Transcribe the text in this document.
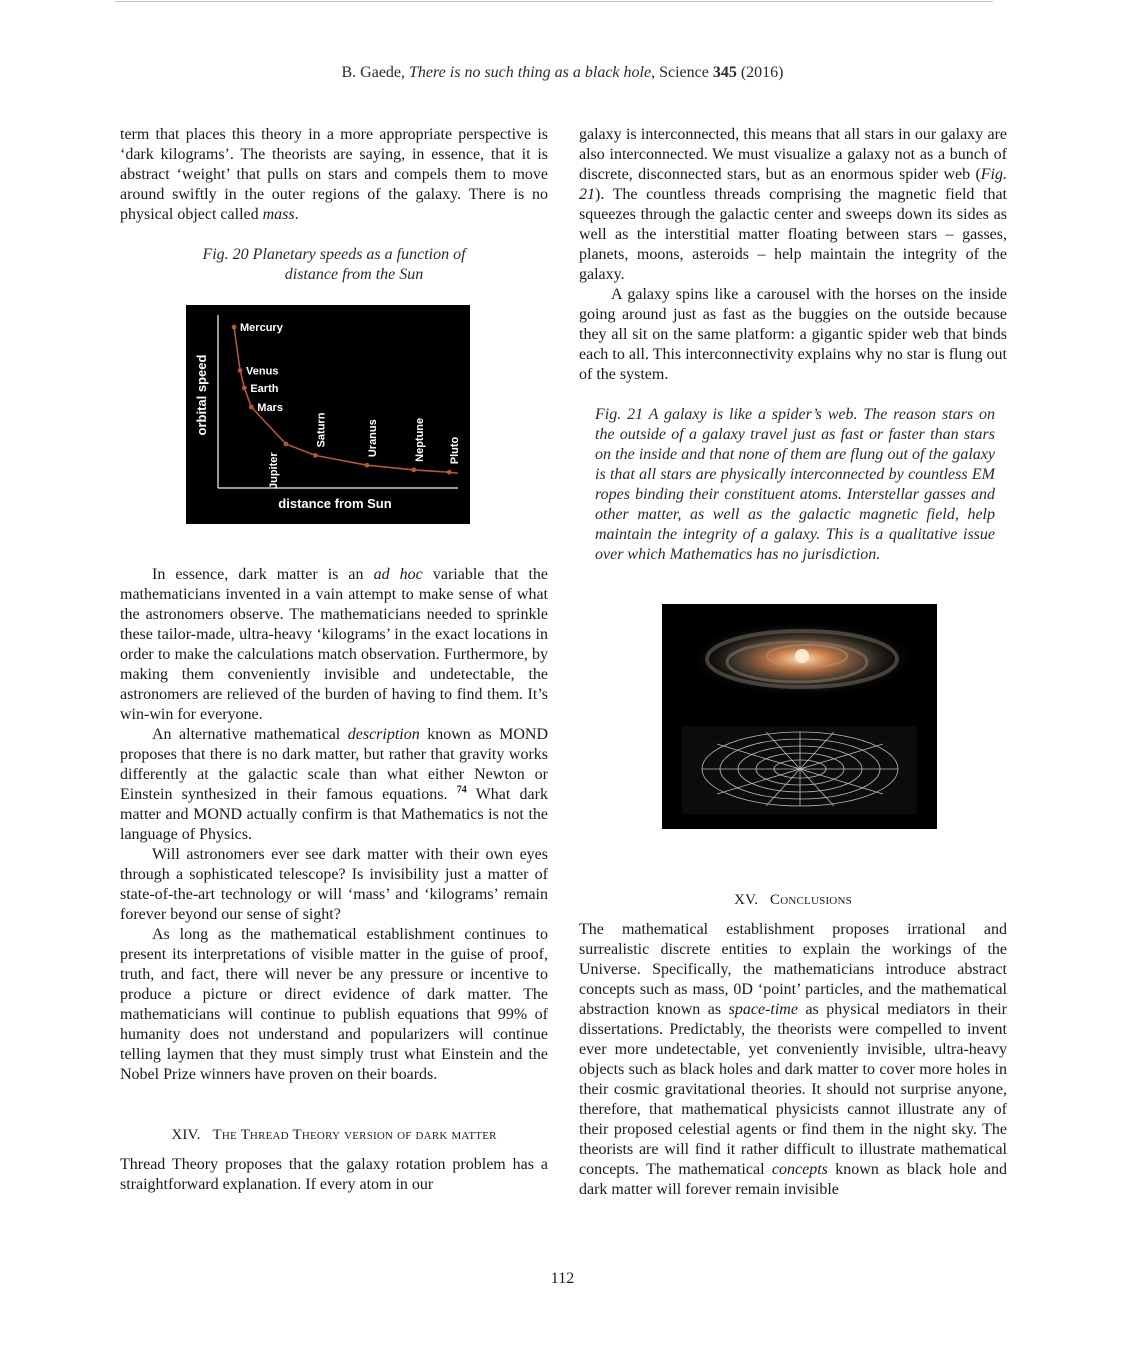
B. Gaede, There is no such thing as a black hole, Science 345 (2016)

term that places this theory in a more appropriate perspective is ‘dark kilograms’. The theorists are saying, in essence, that it is abstract ‘weight’ that pulls on stars and compels them to move around swiftly in the outer regions of the galaxy. There is no physical object called mass.

Fig. 20 Planetary speeds as a function of
distance from the Sun
orbital speed
distance from Sun
Mercury
Venus
Earth
Mars
Jupiter
Saturn	Uranus	Neptune Pluto

In essence, dark matter is an ad hoc variable that the mathematicians invented in a vain attempt to make sense of what the astronomers observe. The mathematicians needed to sprinkle these tailor-made, ultra-heavy ‘kilograms’ in the exact locations in order to make the calculations match observation. Furthermore, by making them conveniently invisible and undetectable, the astronomers are relieved of the burden of having to find them. It’s win-win for everyone.

An alternative mathematical description known as MOND proposes that there is no dark matter, but rather that gravity works differently at the galactic scale than what either Newton or Einstein synthesized in their famous equations. $^{74}$ What dark matter and MOND actually confirm is that Mathematics is not the language of Physics.

Will astronomers ever see dark matter with their own eyes through a sophisticated telescope? Is invisibility just a matter of state-of-the-art technology or will ‘mass’ and ‘kilograms’ remain forever beyond our sense of sight?

As long as the mathematical establishment continues to present its interpretations of visible matter in the guise of proof, truth, and fact, there will never be any pressure or incentive to produce a picture or direct evidence of dark matter. The mathematicians will continue to publish equations that 99% of humanity does not understand and popularizers will continue telling laymen that they must simply trust what Einstein and the Nobel Prize winners have proven on their boards.

XIV. The Thread Theory version of dark matter

Thread Theory proposes that the galaxy rotation problem has a straightforward explanation. If every atom in our

galaxy is interconnected, this means that all stars in our galaxy are also interconnected. We must visualize a galaxy not as a bunch of discrete, disconnected stars, but as an enormous spider web (Fig. 21). The countless threads comprising the magnetic field that squeezes through the galactic center and sweeps down its sides as well as the interstitial matter floating between stars – gasses, planets, moons, asteroids – help maintain the integrity of the galaxy.

A galaxy spins like a carousel with the horses on the inside going around just as fast as the buggies on the outside because they all sit on the same platform: a gigantic spider web that binds each to all. This interconnectivity explains why no star is flung out of the system.

Fig. 21 A galaxy is like a spider’s web. The reason stars on the outside of a galaxy travel just as fast or faster than stars on the inside and that none of them are flung out of the galaxy is that all stars are physically interconnected by countless EM ropes binding their constituent atoms. Interstellar gasses and other matter, as well as the galactic magnetic field, help maintain the integrity of a galaxy. This is a qualitative issue over which Mathematics has no jurisdiction.

XV. Conclusions

The mathematical establishment proposes irrational and surrealistic discrete entities to explain the workings of the Universe. Specifically, the mathematicians introduce abstract concepts such as mass, 0D ‘point’ particles, and the mathematical abstraction known as space-time as physical mediators in their dissertations. Predictably, the theorists were compelled to invent ever more undetectable, yet conveniently invisible, ultra-heavy objects such as black holes and dark matter to cover more holes in their cosmic gravitational theories. It should not surprise anyone, therefore, that mathematical physicists cannot illustrate any of their proposed celestial agents or find them in the night sky. The theorists are will find it rather difficult to illustrate mathematical concepts. The mathematical concepts known as black hole and dark matter will forever remain invisible

112
